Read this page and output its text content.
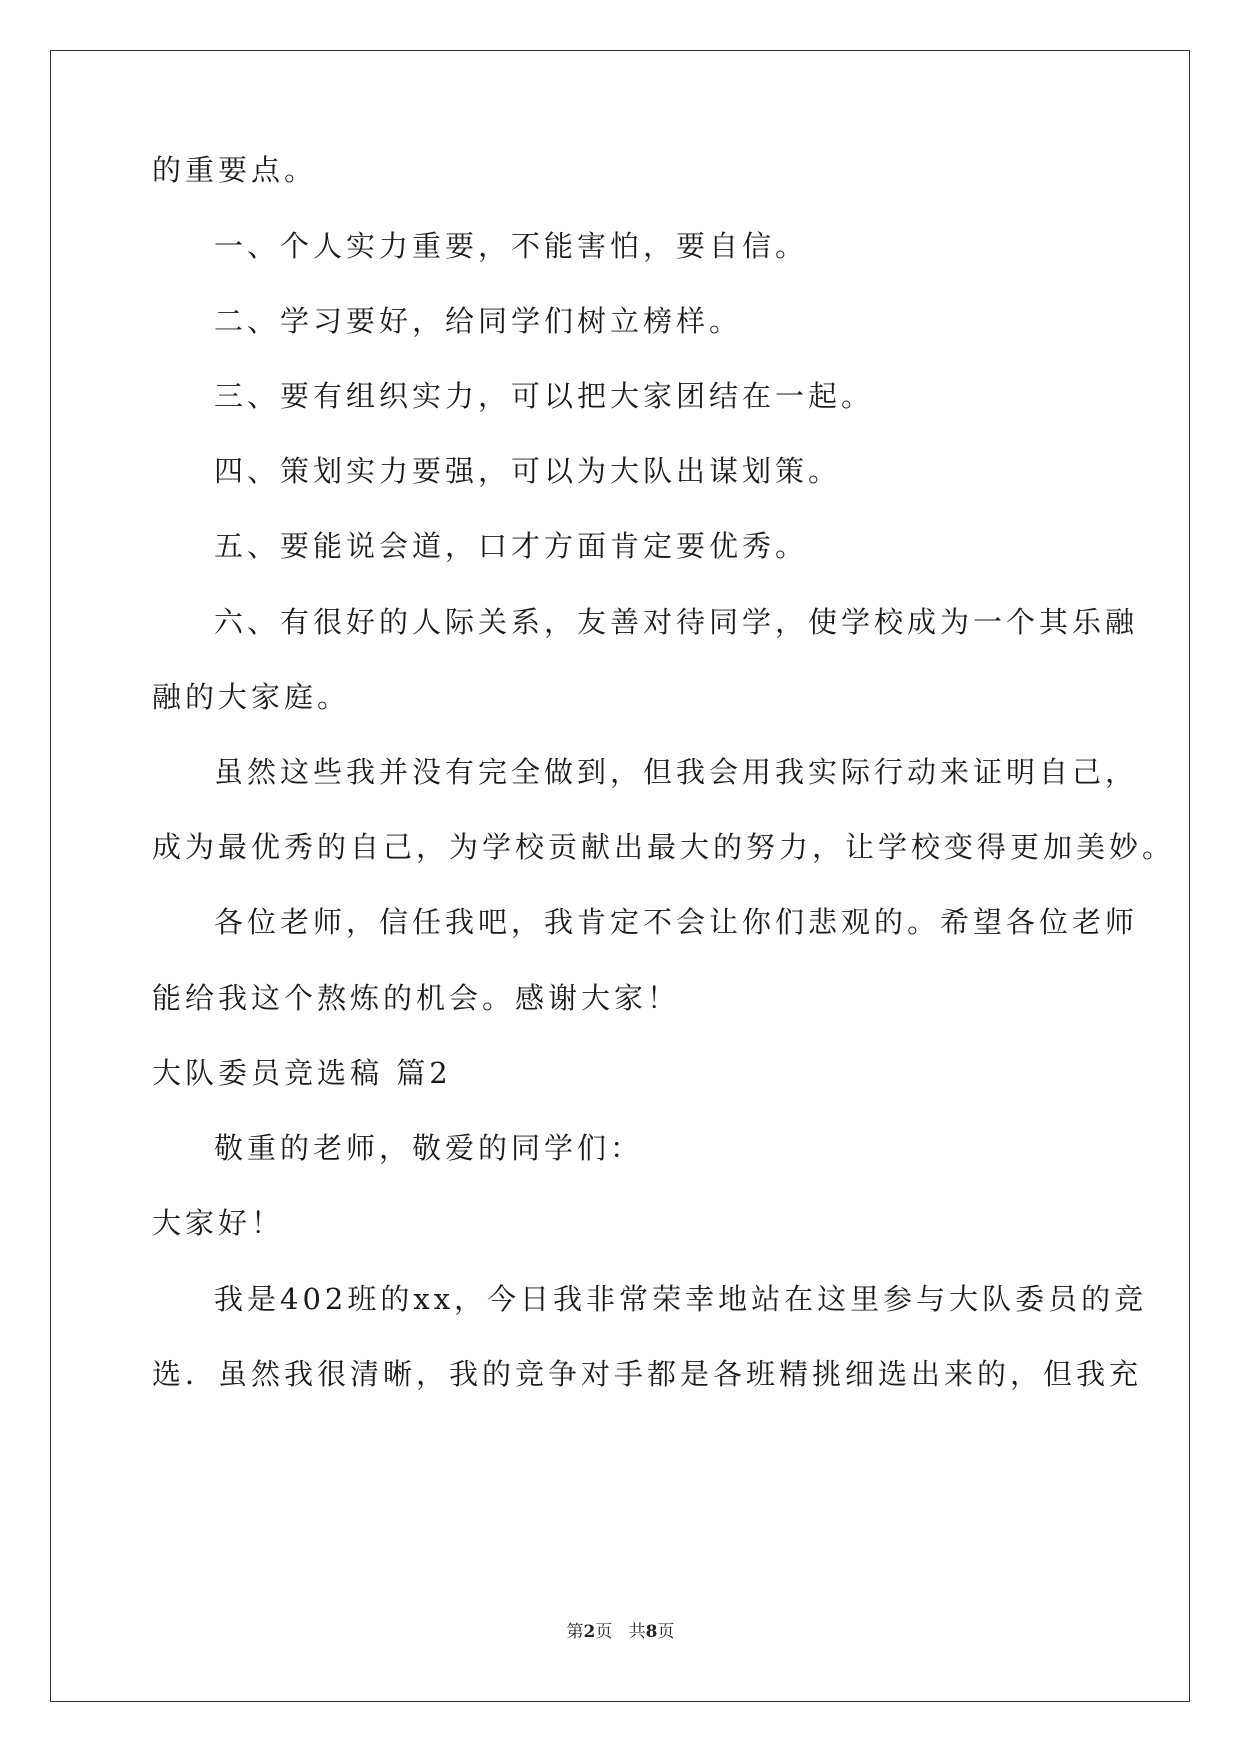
的重要点。
一、个人实力重要，不能害怕，要自信。
二、学习要好，给同学们树立榜样。
三、要有组织实力，可以把大家团结在一起。
四、策划实力要强，可以为大队出谋划策。
五、要能说会道，口才方面肯定要优秀。
六、有很好的人际关系，友善对待同学，使学校成为一个其乐融
融的大家庭。
虽然这些我并没有完全做到，但我会用我实际行动来证明自己，
成为最优秀的自己，为学校贡献出最大的努力，让学校变得更加美妙。
各位老师，信任我吧，我肯定不会让你们悲观的。希望各位老师
能给我这个熬炼的机会。感谢大家！
大队委员竞选稿 篇2
敬重的老师，敬爱的同学们：
大家好！
我是402班的xx，今日我非常荣幸地站在这里参与大队委员的竞
选．虽然我很清晰，我的竞争对手都是各班精挑细选出来的，但我充
第2页 共8页
